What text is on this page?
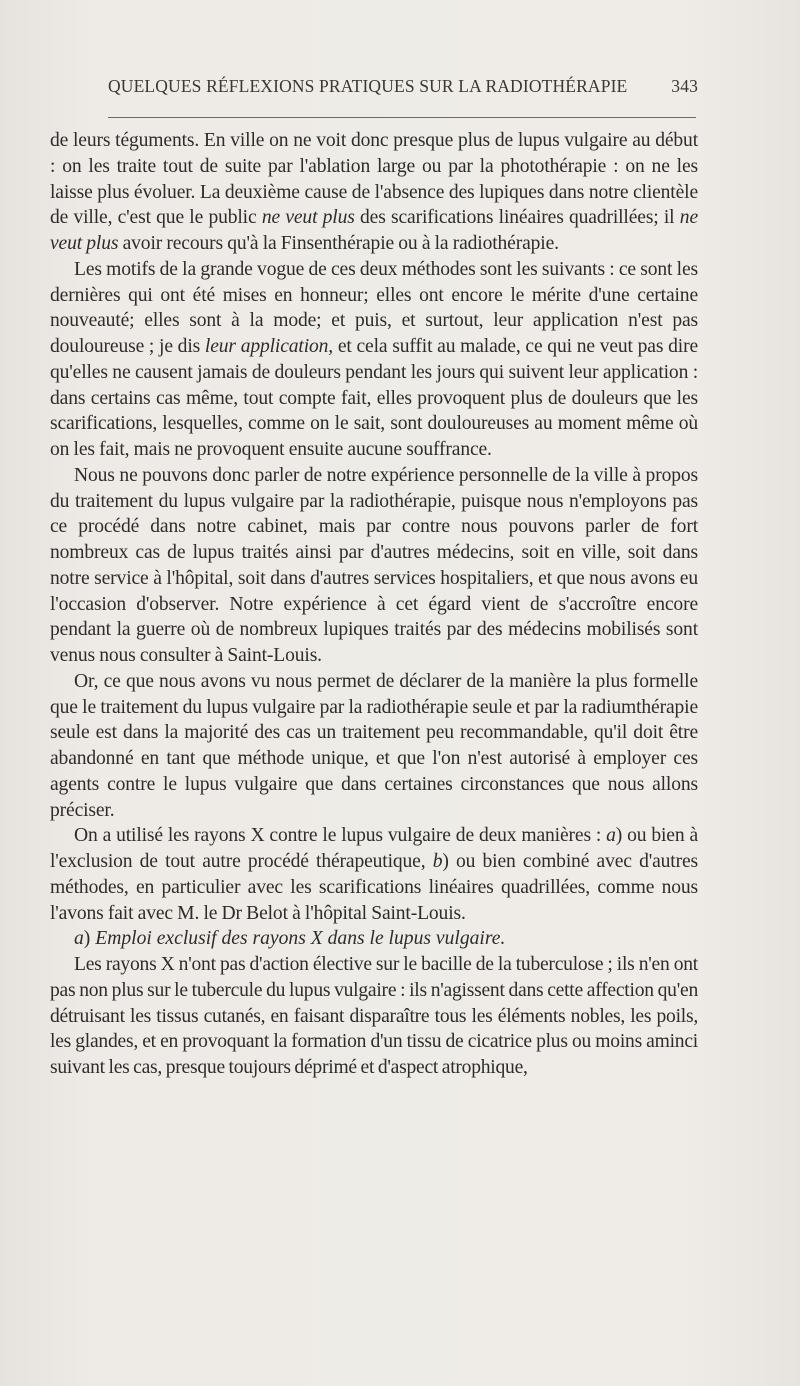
QUELQUES RÉFLEXIONS PRATIQUES SUR LA RADIOTHÉRAPIE	343

de leurs téguments. En ville on ne voit donc presque plus de lupus vulgaire au début : on les traite tout de suite par l'ablation large ou par la photothérapie : on ne les laisse plus évoluer. La deuxième cause de l'absence des lupiques dans notre clientèle de ville, c'est que le public ne veut plus des scarifications linéaires quadrillées; il ne veut plus avoir recours qu'à la Finsenthérapie ou à la radiothérapie.

Les motifs de la grande vogue de ces deux méthodes sont les suivants : ce sont les dernières qui ont été mises en honneur; elles ont encore le mérite d'une certaine nouveauté; elles sont à la mode; et puis, et surtout, leur application n'est pas douloureuse ; je dis leur application, et cela suffit au malade, ce qui ne veut pas dire qu'elles ne causent jamais de douleurs pendant les jours qui suivent leur application : dans certains cas même, tout compte fait, elles provoquent plus de douleurs que les scarifications, lesquelles, comme on le sait, sont douloureuses au moment même où on les fait, mais ne provoquent ensuite aucune souffrance.

Nous ne pouvons donc parler de notre expérience personnelle de la ville à propos du traitement du lupus vulgaire par la radiothérapie, puisque nous n'employons pas ce procédé dans notre cabinet, mais par contre nous pouvons parler de fort nombreux cas de lupus traités ainsi par d'autres médecins, soit en ville, soit dans notre service à l'hôpital, soit dans d'autres services hospitaliers, et que nous avons eu l'occasion d'observer. Notre expérience à cet égard vient de s'accroître encore pendant la guerre où de nombreux lupiques traités par des médecins mobilisés sont venus nous consulter à Saint-Louis.

Or, ce que nous avons vu nous permet de déclarer de la manière la plus formelle que le traitement du lupus vulgaire par la radiothérapie seule et par la radiumthérapie seule est dans la majorité des cas un traitement peu recommandable, qu'il doit être abandonné en tant que méthode unique, et que l'on n'est autorisé à employer ces agents contre le lupus vulgaire que dans certaines circonstances que nous allons préciser.

On a utilisé les rayons X contre le lupus vulgaire de deux manières : a) ou bien à l'exclusion de tout autre procédé thérapeutique, b) ou bien combiné avec d'autres méthodes, en particulier avec les scarifications linéaires quadrillées, comme nous l'avons fait avec M. le Dr Belot à l'hôpital Saint-Louis.

a) Emploi exclusif des rayons X dans le lupus vulgaire.

Les rayons X n'ont pas d'action élective sur le bacille de la tuberculose ; ils n'en ont pas non plus sur le tubercule du lupus vulgaire : ils n'agissent dans cette affection qu'en détruisant les tissus cutanés, en faisant disparaître tous les éléments nobles, les poils, les glandes, et en provoquant la formation d'un tissu de cicatrice plus ou moins aminci suivant les cas, presque toujours déprimé et d'aspect atrophique,
